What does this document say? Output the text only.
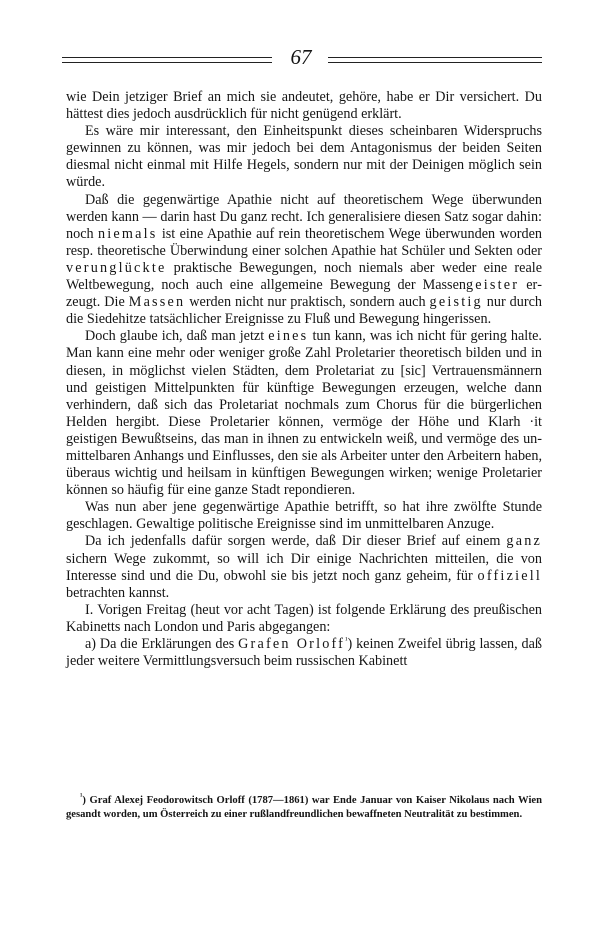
67

wie Dein jetziger Brief an mich sie andeutet, gehöre, habe er Dir versichert. Du hättest dies jedoch ausdrücklich für nicht genügend erklärt.

Es wäre mir interessant, den Einheitspunkt dieses scheinbaren Widerspruchs gewinnen zu können, was mir jedoch bei dem Antagonismus der beiden Seiten diesmal nicht einmal mit Hilfe Hegels, sondern nur mit der Deinigen möglich sein würde.

Daß die gegenwärtige Apathie nicht auf theoretischem Wege überwunden werden kann — darin hast Du ganz recht. Ich generalisiere diesen Satz sogar dahin: noch niemals ist eine Apathie auf rein theoretischem Wege überwunden worden resp. theoretische Überwindung einer solchen Apathie hat Schüler und Sekten oder verunglückte praktische Bewegungen, noch niemals aber weder eine reale Weltbewegung, noch auch eine allgemeine Bewegung der Massengeister erzeugt. Die Massen werden nicht nur praktisch, sondern auch geistig nur durch die Siedehitze tatsächlicher Ereignisse zu Fluß und Bewegung hingerissen.

Doch glaube ich, daß man jetzt eines tun kann, was ich nicht für gering halte. Man kann eine mehr oder weniger große Zahl Proletarier theoretisch bilden und in diesen, in möglichst vielen Städten, dem Proletariat zu [sic] Vertrauensmännern und geistigen Mittelpunkten für künftige Bewegungen erzeugen, welche dann verhindern, daß sich das Proletariat nochmals zum Chorus für die bürgerlichen Helden hergibt. Diese Proletarier können, vermöge der Höhe und Klarh ·it geistigen Bewußtseins, das man in ihnen zu entwickeln weiß, und vermöge des unmittelbaren Anhangs und Einflusses, den sie als Arbeiter unter den Arbeitern haben, überaus wichtig und heilsam in künftigen Bewegungen wirken; wenige Proletarier können so häufig für eine ganze Stadt repondieren.

Was nun aber jene gegenwärtige Apathie betrifft, so hat ihre zwölfte Stunde geschlagen. Gewaltige politische Ereignisse sind im unmittelbaren Anzuge.

Da ich jedenfalls dafür sorgen werde, daß Dir dieser Brief auf einem ganz sichern Wege zukommt, so will ich Dir einige Nachrichten mitteilen, die von Interesse sind und die Du, obwohl sie bis jetzt noch ganz geheim, für offiziell betrachten kannst.

I. Vorigen Freitag (heut vor acht Tagen) ist folgende Erklärung des preußischen Kabinetts nach London und Paris abgegangen:

a) Da die Erklärungen des Grafen Orloff$^{^1}$) keinen Zweifel übrig lassen, daß jeder weitere Vermittlungsversuch beim russischen Kabinett

$^{^1}$) Graf Alexej Feodorowitsch Orloff (1787—1861) war Ende Januar von Kaiser Nikolaus nach Wien gesandt worden, um Österreich zu einer rußlandfreundlichen bewaffneten Neutralität zu bestimmen.
